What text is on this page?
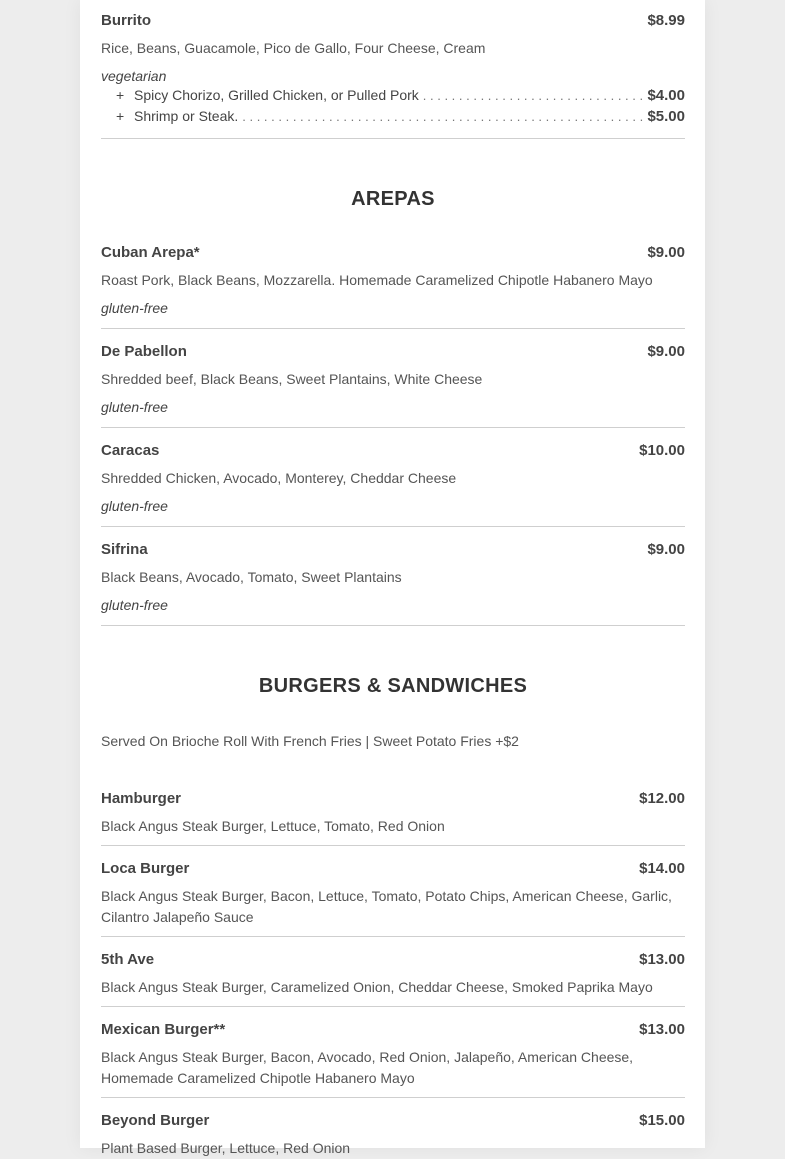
Burrito	$8.99
Rice, Beans, Guacamole, Pico de Gallo, Four Cheese, Cream
vegetarian
+ Spicy Chorizo, Grilled Chicken, or Pulled Pork . . .	$4.00
+ Shrimp or Steak. . . .	$5.00
AREPAS
Cuban Arepa*	$9.00
Roast Pork, Black Beans, Mozzarella. Homemade Caramelized Chipotle Habanero Mayo
gluten-free
De Pabellon	$9.00
Shredded beef, Black Beans, Sweet Plantains, White Cheese
gluten-free
Caracas	$10.00
Shredded Chicken, Avocado, Monterey, Cheddar Cheese
gluten-free
Sifrina	$9.00
Black Beans, Avocado, Tomato, Sweet Plantains
gluten-free
BURGERS & SANDWICHES
Served On Brioche Roll With French Fries | Sweet Potato Fries +$2
Hamburger	$12.00
Black Angus Steak Burger, Lettuce, Tomato, Red Onion
Loca Burger	$14.00
Black Angus Steak Burger, Bacon, Lettuce, Tomato, Potato Chips, American Cheese, Garlic, Cilantro Jalapeño Sauce
5th Ave	$13.00
Black Angus Steak Burger, Caramelized Onion, Cheddar Cheese, Smoked Paprika Mayo
Mexican Burger**	$13.00
Black Angus Steak Burger, Bacon, Avocado, Red Onion, Jalapeño, American Cheese, Homemade Caramelized Chipotle Habanero Mayo
Beyond Burger	$15.00
Plant Based Burger, Lettuce, Red Onion
